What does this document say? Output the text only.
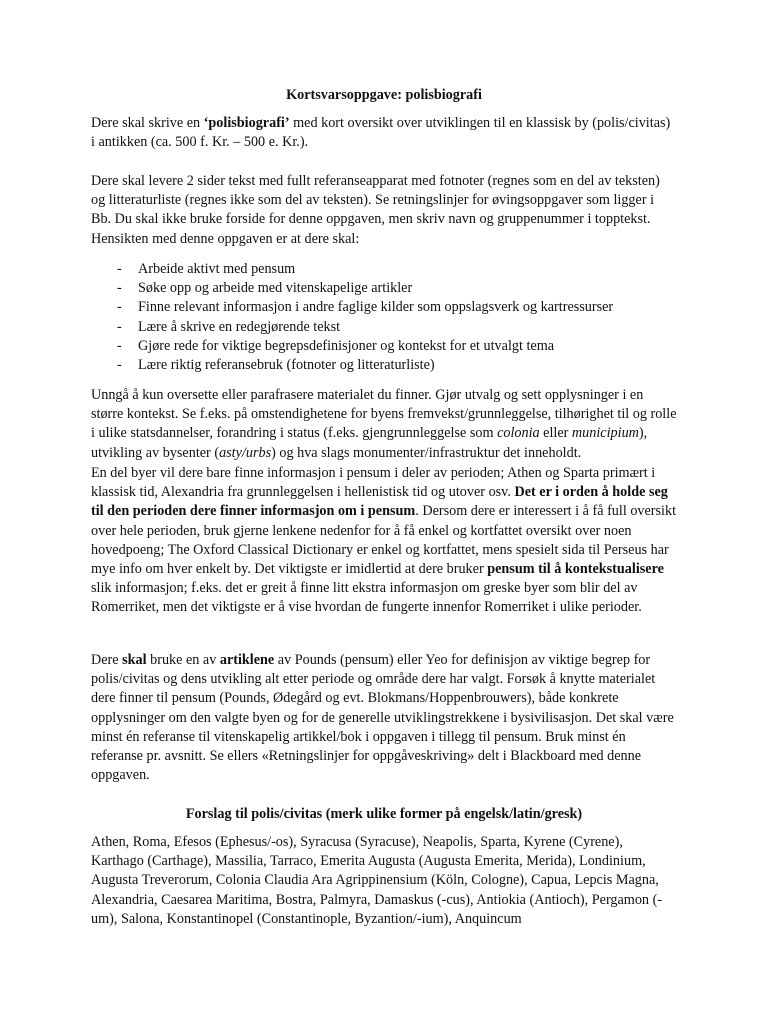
Kortsvarsoppgave: polisbiografi

Dere skal skrive en ‘polisbiografi’ med kort oversikt over utviklingen til en klassisk by (polis/civitas) i antikken (ca. 500 f. Kr. – 500 e. Kr.).

Dere skal levere 2 sider tekst med fullt referanseapparat med fotnoter (regnes som en del av teksten) og litteraturliste (regnes ikke som del av teksten). Se retningslinjer for øvingsoppgaver som ligger i Bb. Du skal ikke bruke forside for denne oppgaven, men skriv navn og gruppenummer i topptekst. Hensikten med denne oppgaven er at dere skal:

- Arbeide aktivt med pensum
- Søke opp og arbeide med vitenskapelige artikler
- Finne relevant informasjon i andre faglige kilder som oppslagsverk og kartressurser
- Lære å skrive en redegjørende tekst
- Gjøre rede for viktige begrepsdefinisjoner og kontekst for et utvalgt tema
- Lære riktig referansebruk (fotnoter og litteraturliste)

Unngå å kun oversette eller parafrasere materialet du finner. Gjør utvalg og sett opplysninger i en større kontekst. Se f.eks. på omstendighetene for byens fremvekst/grunnleggelse, tilhørighet til og rolle i ulike statsdannelser, forandring i status (f.eks. gjengrunnleggelse som colonia eller municipium), utvikling av bysenter (asty/urbs) og hva slags monumenter/infrastruktur det inneholdt.

En del byer vil dere bare finne informasjon i pensum i deler av perioden; Athen og Sparta primært i klassisk tid, Alexandria fra grunnleggelsen i hellenistisk tid og utover osv. Det er i orden å holde seg til den perioden dere finner informasjon om i pensum. Dersom dere er interessert i å få full oversikt over hele perioden, bruk gjerne lenkene nedenfor for å få enkel og kortfattet oversikt over noen hovedpoeng; The Oxford Classical Dictionary er enkel og kortfattet, mens spesielt sida til Perseus har mye info om hver enkelt by. Det viktigste er imidlertid at dere bruker pensum til å kontekstualisere slik informasjon; f.eks. det er greit å finne litt ekstra informasjon om greske byer som blir del av Romerriket, men det viktigste er å vise hvordan de fungerte innenfor Romerriket i ulike perioder.

Dere skal bruke en av artiklene av Pounds (pensum) eller Yeo for definisjon av viktige begrep for polis/civitas og dens utvikling alt etter periode og område dere har valgt. Forsøk å knytte materialet dere finner til pensum (Pounds, Ødegård og evt. Blokmans/Hoppenbrouwers), både konkrete opplysninger om den valgte byen og for de generelle utviklingstrekkene i bysivilisasjon. Det skal være minst én referanse til vitenskapelig artikkel/bok i oppgaven i tillegg til pensum. Bruk minst én referanse pr. avsnitt. Se ellers «Retningslinjer for oppgåveskriving» delt i Blackboard med denne oppgaven.

Forslag til polis/civitas (merk ulike former på engelsk/latin/gresk)

Athen, Roma, Efesos (Ephesus/-os), Syracusa (Syracuse), Neapolis, Sparta, Kyrene (Cyrene), Karthago (Carthage), Massilia, Tarraco, Emerita Augusta (Augusta Emerita, Merida), Londinium, Augusta Treverorum, Colonia Claudia Ara Agrippinensium (Köln, Cologne), Capua, Lepcis Magna, Alexandria, Caesarea Maritima, Bostra, Palmyra, Damaskus (-cus), Antiokia (Antioch), Pergamon (-um), Salona, Konstantinopel (Constantinople, Byzantion/-ium), Anquincum
